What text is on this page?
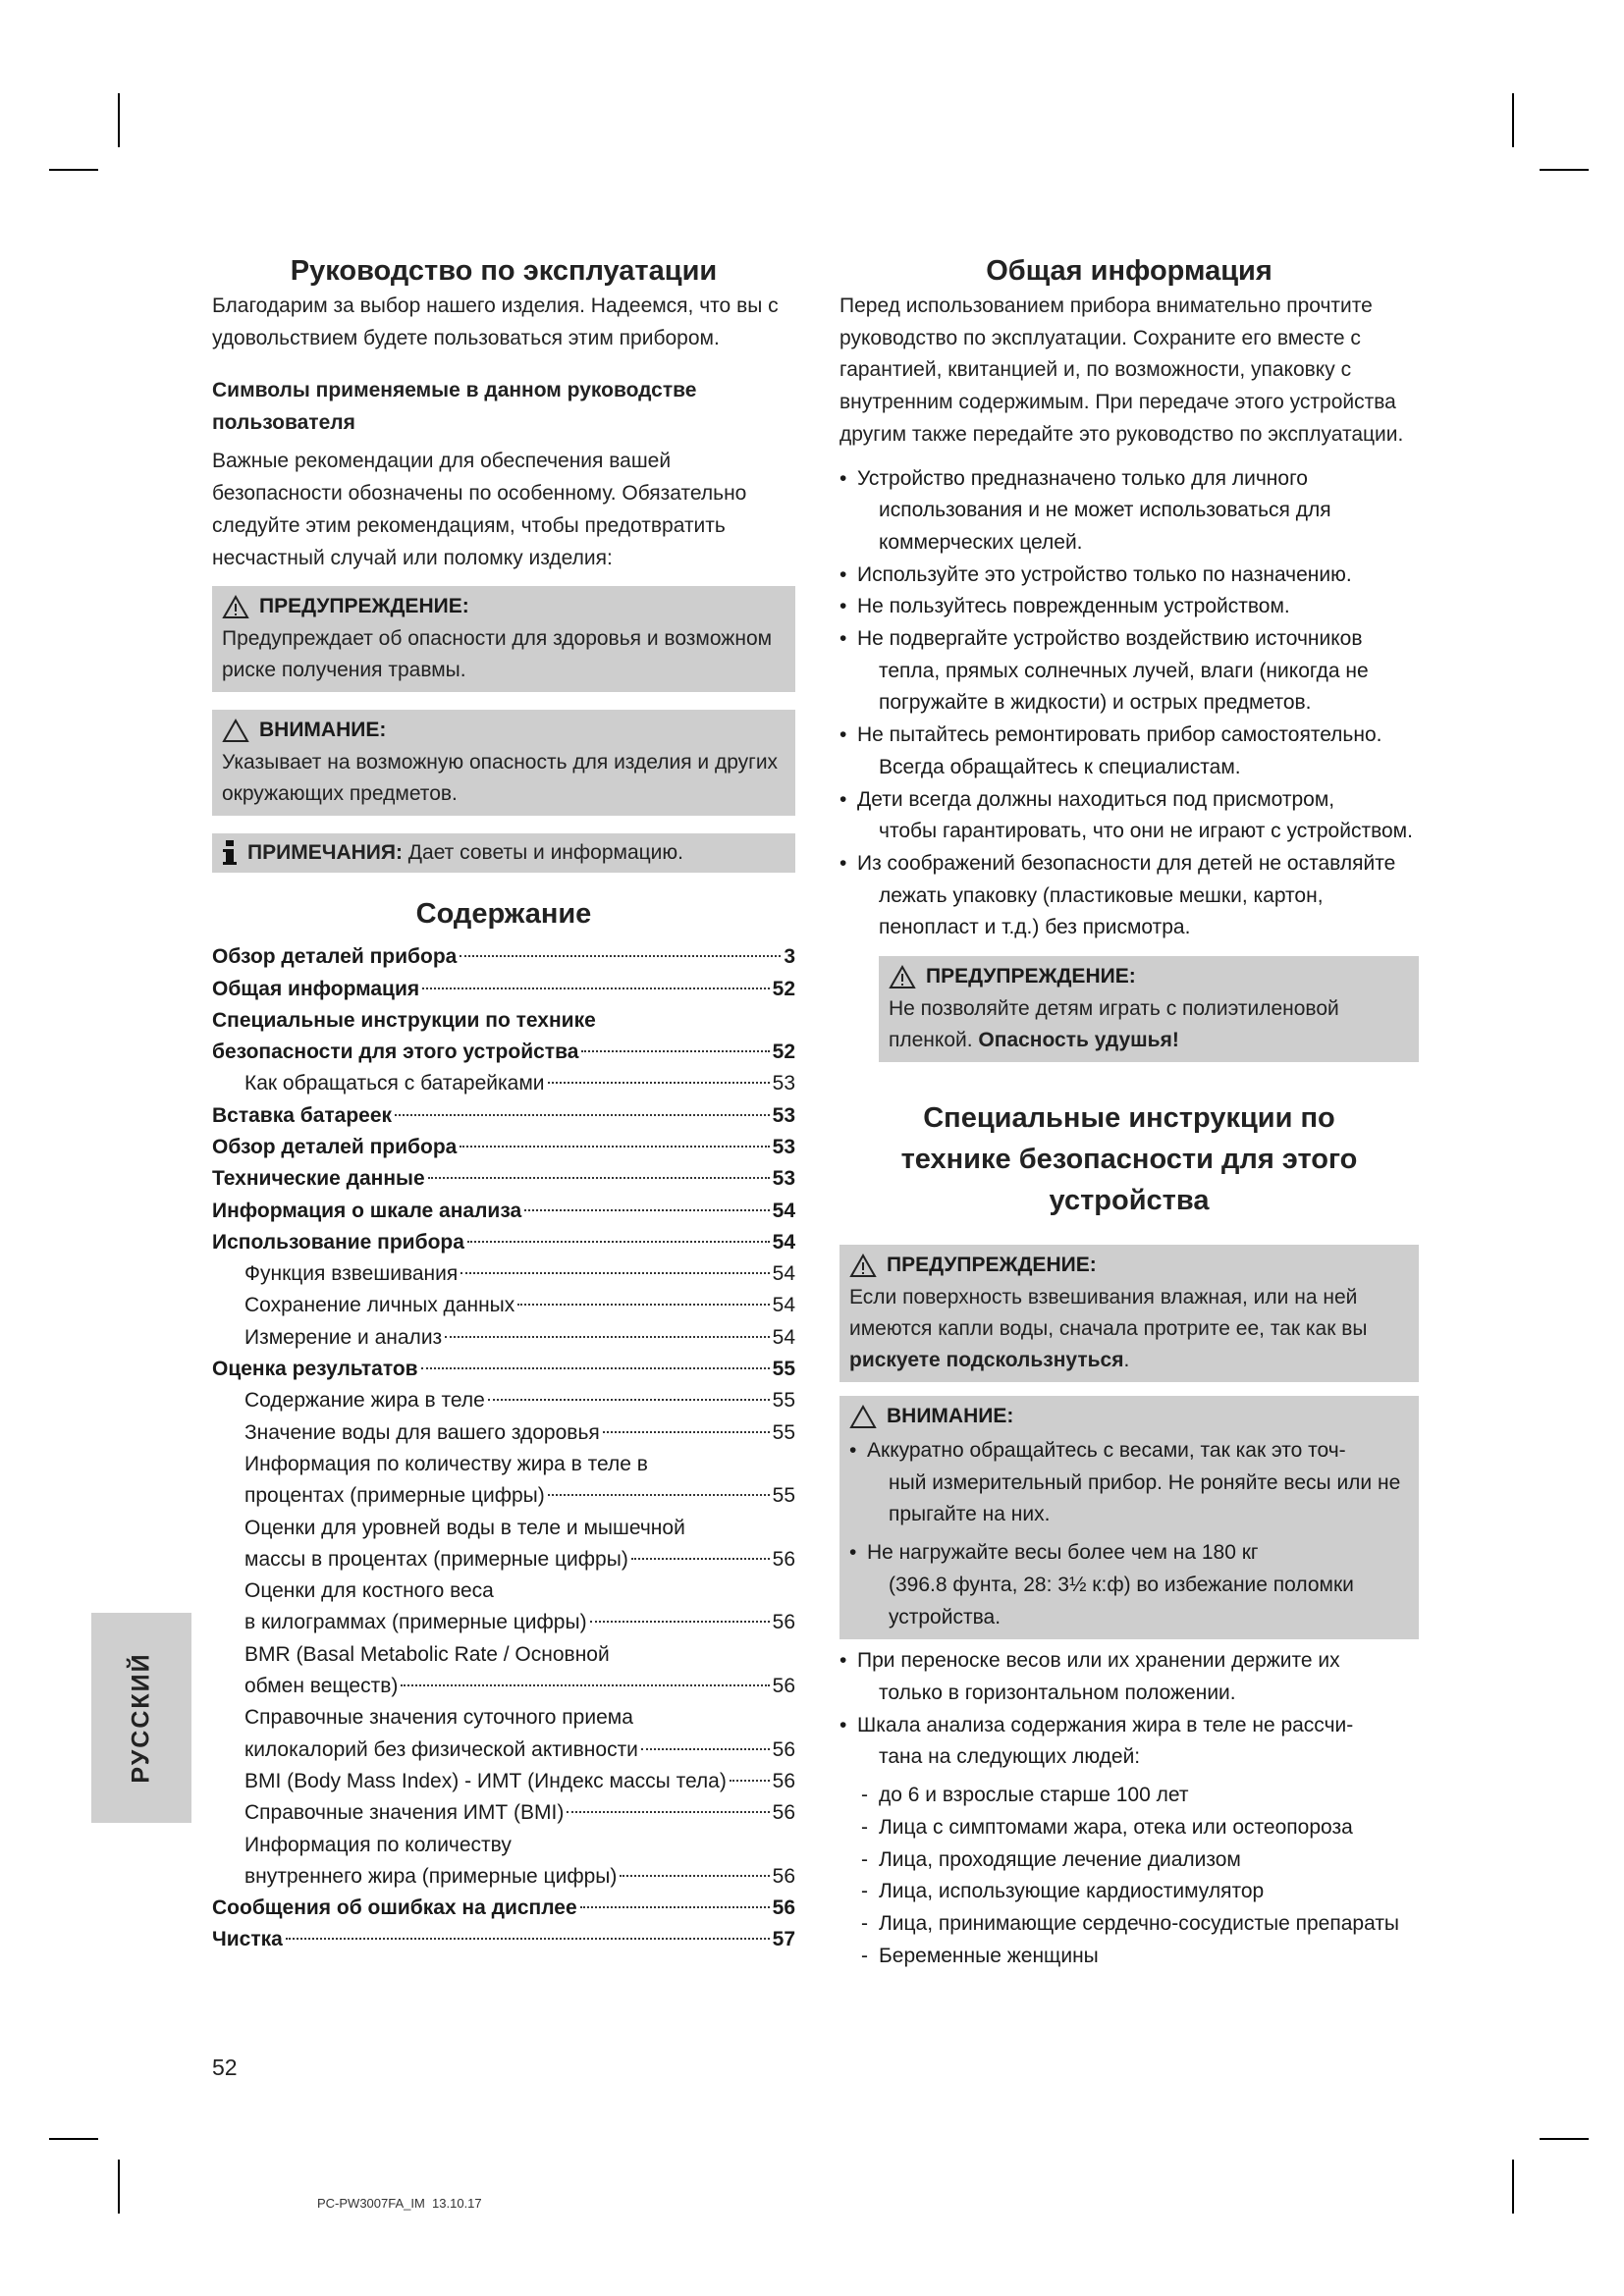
Руководство по эксплуатации

Благодарим за выбор нашего изделия. Надеемся, что вы с удовольствием будете пользоваться этим прибором.

Символы применяемые в данном руководстве пользователя

Важные рекомендации для обеспечения вашей безопасности обозначены по особенному. Обязательно следуйте этим рекомендациям, чтобы предотвратить несчастный случай или поломку изделия:

ПРЕДУПРЕЖДЕНИЕ:

Предупреждает об опасности для здоровья и возможном риске получения травмы.

ВНИМАНИЕ:

Указывает на возможную опасность для изделия и других окружающих предметов.

ПРИМЕЧАНИЯ: Дает советы и информацию.

Содержание
Обзор деталей прибора	3
Общая информация	52
Специальные инструкции по технике
безопасности для этого устройства	52
Как обращаться с батарейками	53
Вставка батареек	53
Обзор деталей прибора	53
Технические данные	53
Информация о шкале анализа	54
Использование прибора	54
Функция взвешивания	54
Сохранение личных данных	54
Измерение и анализ	54
Оценка результатов	55
Содержание жира в теле	55
Значение воды для вашего здоровья	55
Информация по количеству жира в теле в
процентах (примерные цифры)	55
Оценки для уровней воды в теле и мышечной
массы в процентах (примерные цифры)	56
Оценки для костного веса
в килограммах (примерные цифры)	56
BMR (Basal Metabolic Rate / Основной
обмен веществ)	56
Справочные значения суточного приема
килокалорий без физической активности	56
BMI (Body Mass Index) - ИМТ (Индекс массы тела) 56
Справочные значения ИМТ (BMI)	56
Информация по количеству
внутреннего жира (примерные цифры)	56
Сообщения об ошибках на дисплее	56
Чистка	57
Общая информация

Перед использованием прибора внимательно прочтите руководство по эксплуатации. Сохраните его вместе с гарантией, квитанцией и, по возможности, упаковку с внутренним содержимым. При передаче этого устройства другим также передайте это руководство по эксплуатации.

• Устройство предназначено только для личного
использования и не может использоваться для коммерческих целей.
• Используйте это устройство только по назначению.
• Не пользуйтесь поврежденным устройством.
• Не подвергайте устройство воздействию источников
тепла, прямых солнечных лучей, влаги (никогда не погружайте в жидкости) и острых предметов.
• Не пытайтесь ремонтировать прибор самостоятельно.
Всегда обращайтесь к специалистам.
• Дети всегда должны находиться под присмотром,
чтобы гарантировать, что они не играют с устройством.
• Из соображений безопасности для детей не оставляйте
лежать упаковку (пластиковые мешки, картон, пенопласт и т.д.) без присмотра.
ПРЕДУПРЕЖДЕНИЕ:

Не позволяйте детям играть с полиэтиленовой пленкой. Опасность удушья!

Специальные инструкции по технике безопасности для этого устройства
ПРЕДУПРЕЖДЕНИЕ:

Если поверхность взвешивания влажная, или на ней имеются капли воды, сначала протрите ее, так как вы рискуете подскользнуться.

ВНИМАНИЕ:
• Аккуратно обращайтесь с весами, так как это точ-
ный измерительный прибор. Не роняйте весы или не прыгайте на них.
• Не нагружайте весы более чем на 180 кг
(396.8 фунта, 28: 3½ к:ф) во избежание поломки устройства.
• При переноске весов или их хранении держите их
только в горизонтальном положении.
• Шкала анализа содержания жира в теле не рассчи-
тана на следующих людей:
- до 6 и взрослые старше 100 лет
- Лица с симптомами жара, отека или остеопороза
- Лица, проходящие лечение диализом
- Лица, использующие кардиостимулятор
- Лица, принимающие сердечно-сосудистые препараты
- Беременные женщины
РУССКИЙ
52
PC-PW3007FA_IM  13.10.17
